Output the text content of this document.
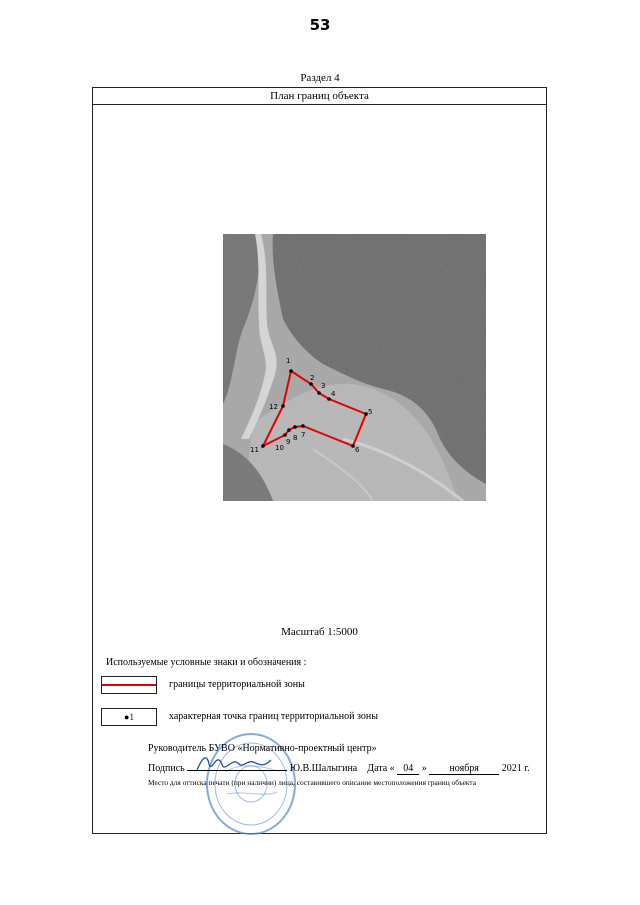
53
Раздел 4
План границ объекта
1
2
3
4
5
6
7
8
9
10
11
12
Масштаб 1:5000
Используемые условные знаки и обозначения :
границы территориальной зоны
●1	характерная точка границ территориальной зоны
Руководитель БУВО «Нормативно-проектный центр»
Подпись	Ю.В.Шалыгина Дата « 04 » ноября 2021 г.
Место для оттиска печати (при наличии) лица, составившего описание местоположения границ объекта
